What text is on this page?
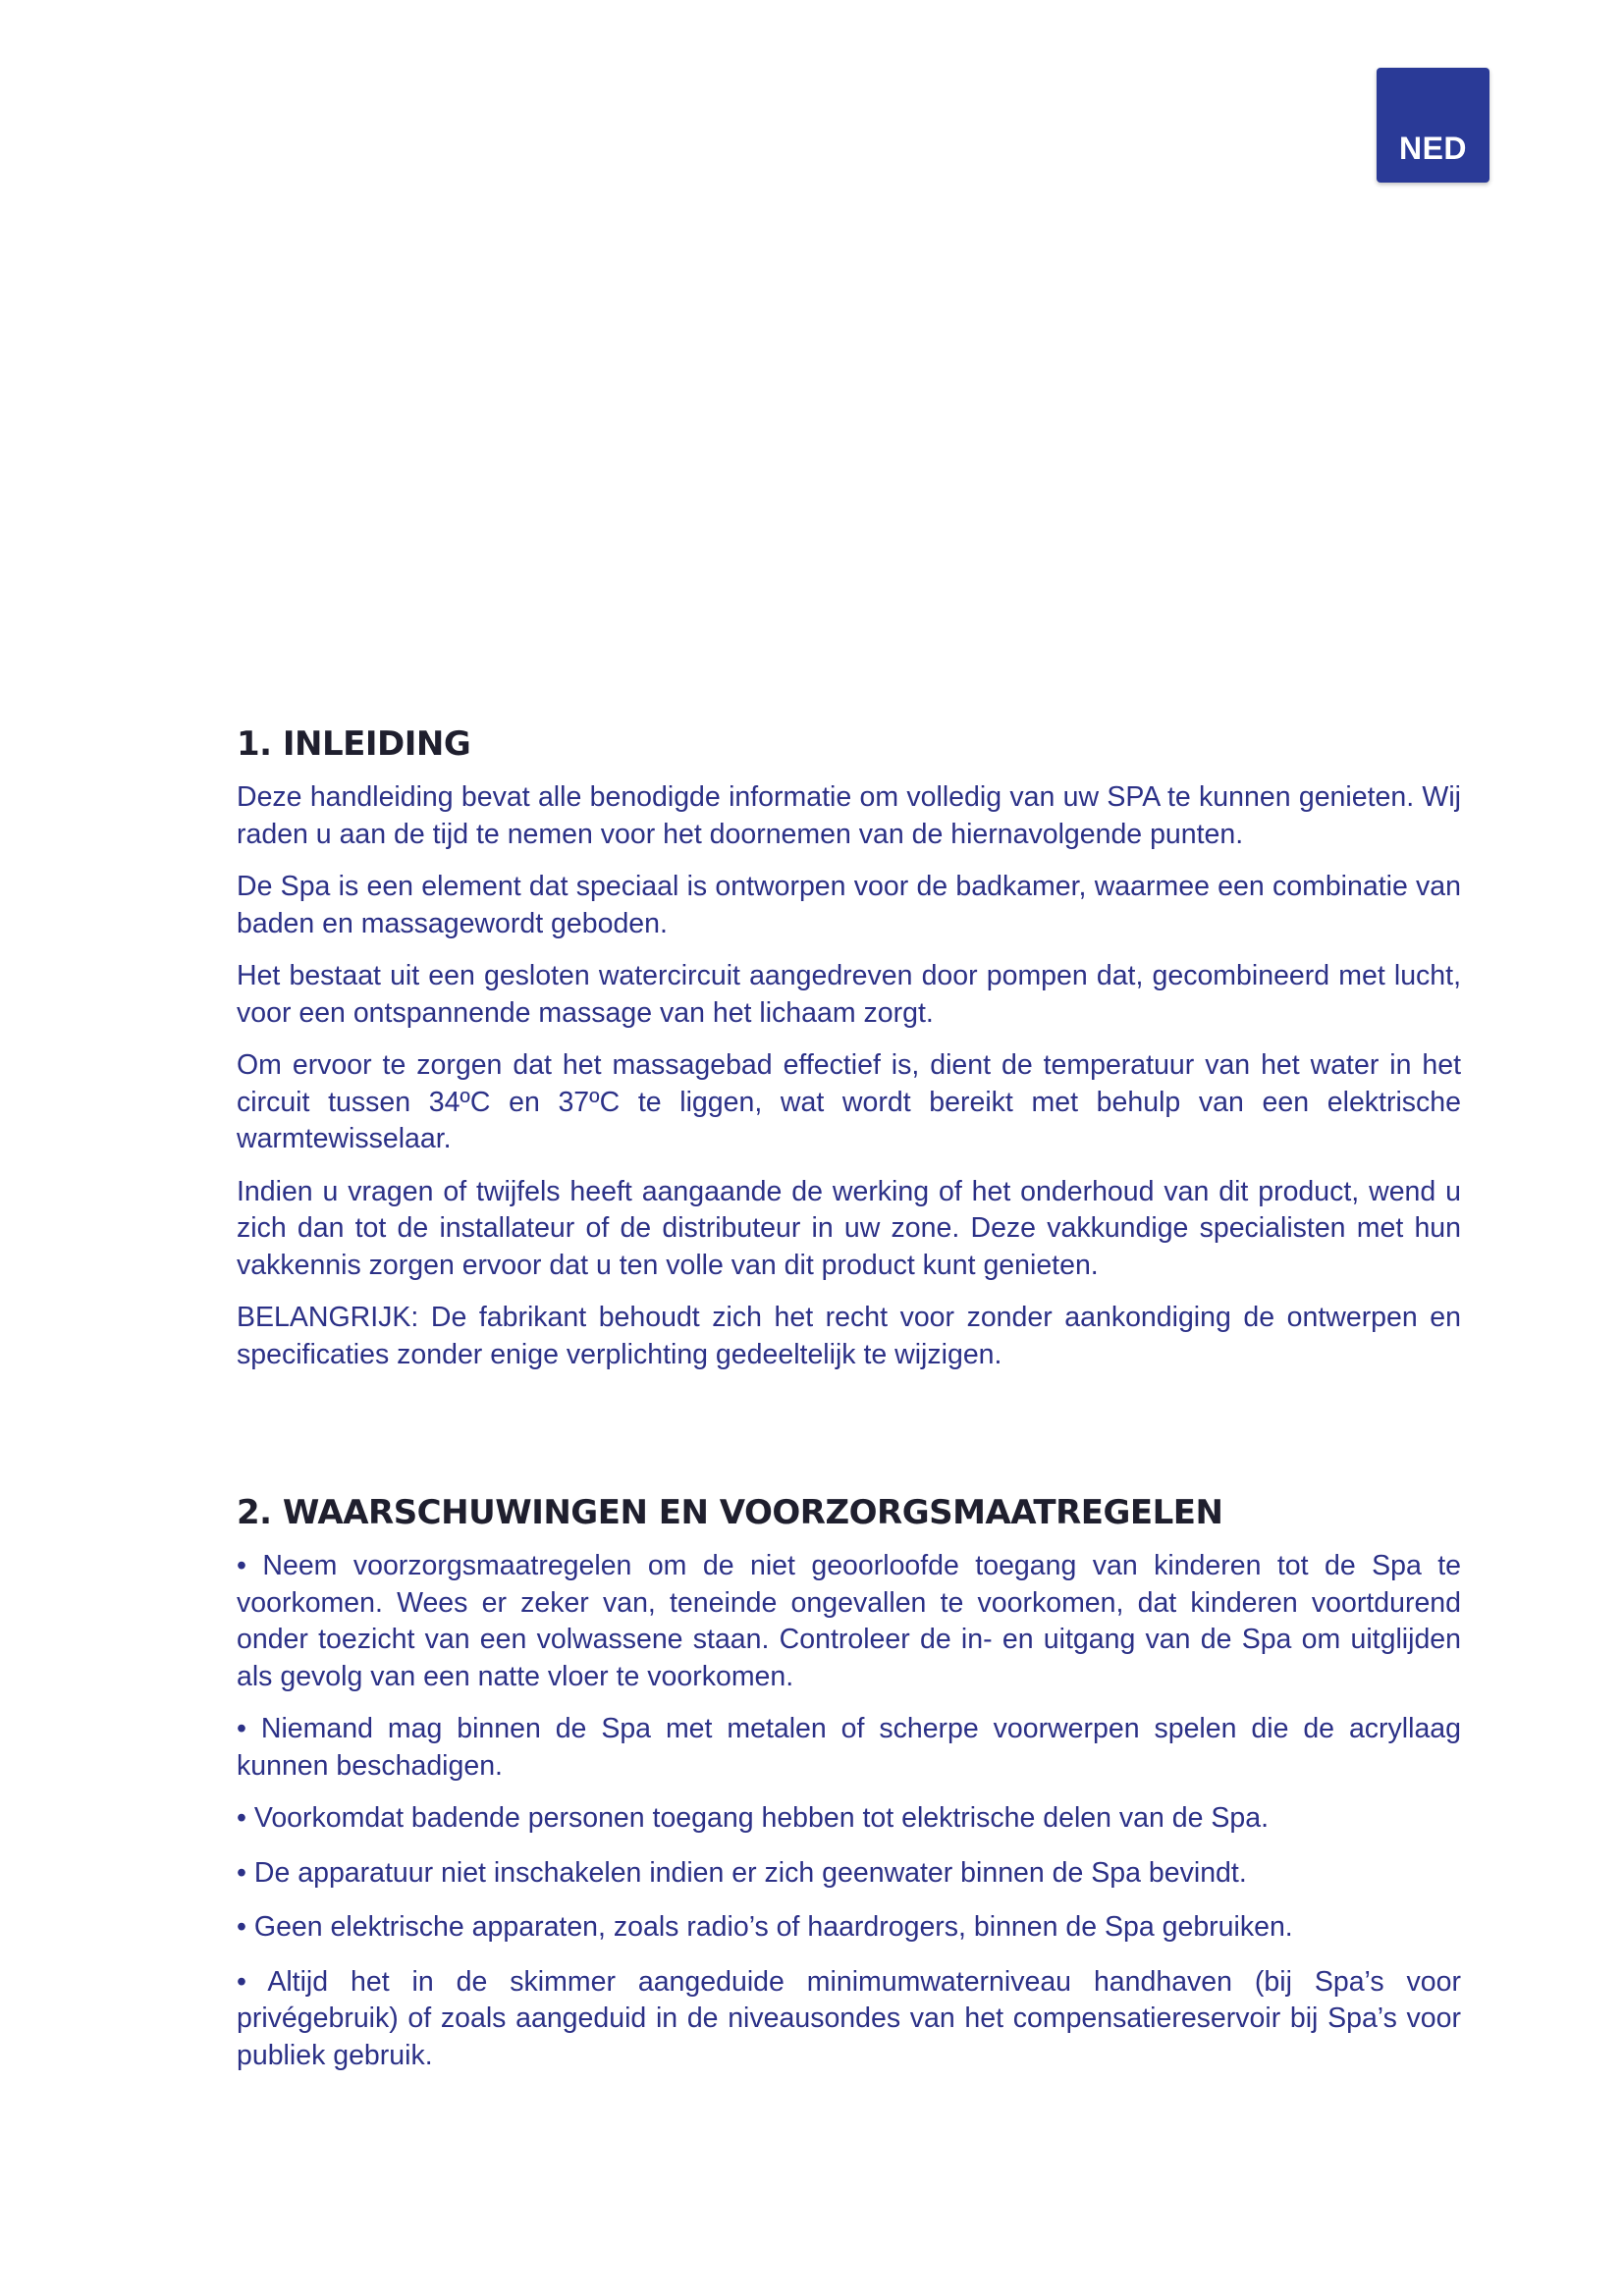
NED
1. INLEIDING

Deze handleiding bevat alle benodigde informatie om volledig van uw SPA te kunnen genieten. Wij raden u aan de tijd te nemen voor het doornemen van de hiernavolgende punten.

De Spa is een element dat speciaal is ontworpen voor de badkamer, waarmee een combinatie van baden en massagewordt geboden.

Het bestaat uit een gesloten watercircuit aangedreven door pompen dat, gecombineerd met lucht, voor een ontspannende massage van het lichaam zorgt.

Om ervoor te zorgen dat het massagebad effectief is, dient de temperatuur van het water in het circuit tussen 34ºC en 37ºC te liggen, wat wordt bereikt met behulp van een elektrische warmtewisselaar.

Indien u vragen of twijfels heeft aangaande de werking of het onderhoud van dit product, wend u zich dan tot de installateur of de distributeur in uw zone. Deze vakkundige specialisten met hun vakkennis zorgen ervoor dat u ten volle van dit product kunt genieten.

BELANGRIJK: De fabrikant behoudt zich het recht voor zonder aankondiging de ontwerpen en specificaties zonder enige verplichting gedeeltelijk te wijzigen.

2. WAARSCHUWINGEN EN VOORZORGSMAATREGELEN

• Neem voorzorgsmaatregelen om de niet geoorloofde toegang van kinderen tot de Spa te voorkomen. Wees er zeker van, teneinde ongevallen te voorkomen, dat kinderen voortdurend onder toezicht van een volwassene staan. Controleer de in- en uitgang van de Spa om uitglijden als gevolg van een natte vloer te voorkomen.

• Niemand mag binnen de Spa met metalen of scherpe voorwerpen spelen die de acryllaag kunnen beschadigen.

• Voorkomdat badende personen toegang hebben tot elektrische delen van de Spa.

• De apparatuur niet inschakelen indien er zich geenwater binnen de Spa bevindt.

• Geen elektrische apparaten, zoals radio’s of haardrogers, binnen de Spa gebruiken.

• Altijd het in de skimmer aangeduide minimumwaterniveau handhaven (bij Spa’s voor privégebruik) of zoals aangeduid in de niveausondes van het compensatiereservoir bij Spa’s voor publiek gebruik.
